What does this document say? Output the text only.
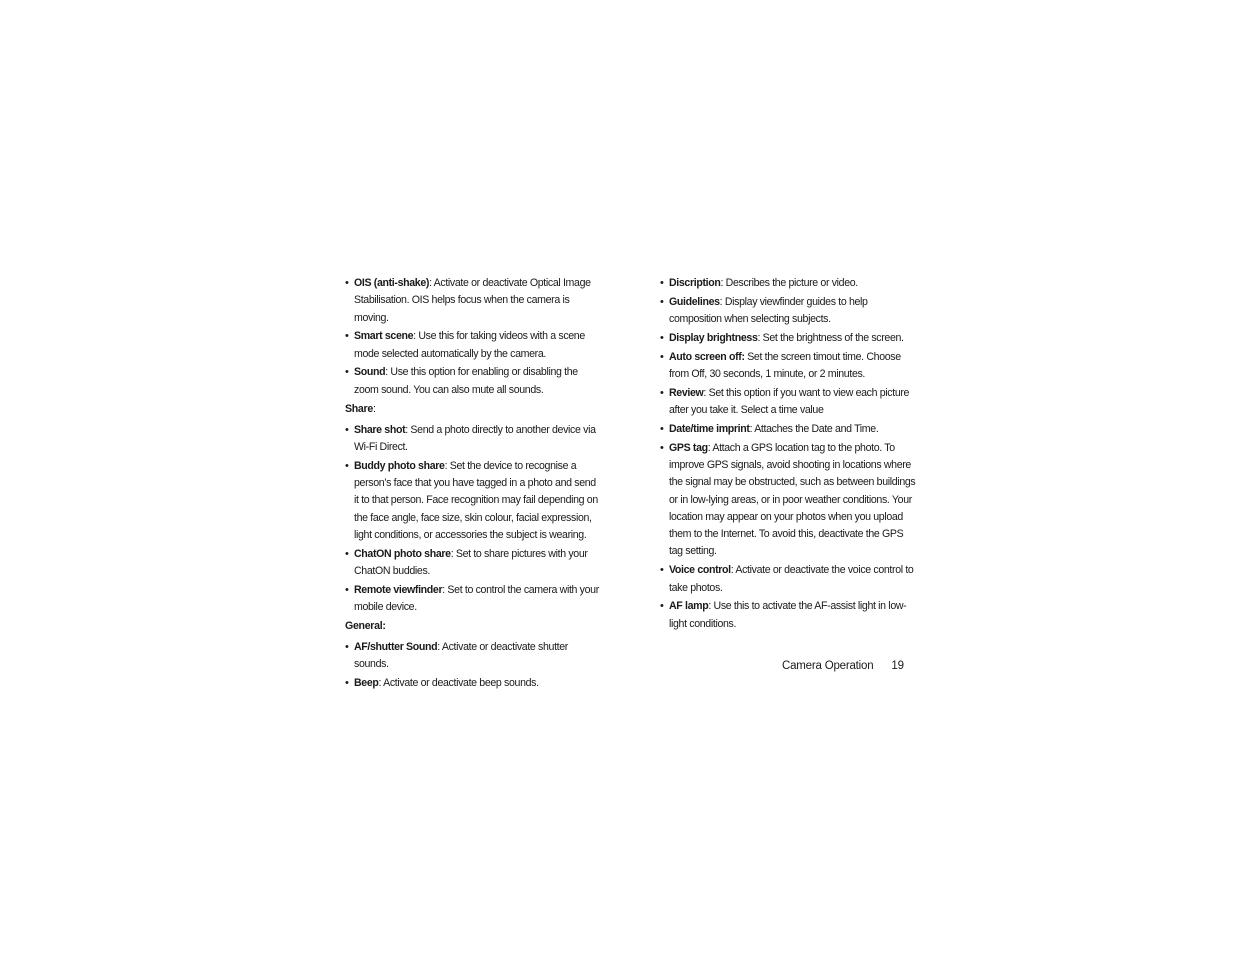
• OIS (anti-shake): Activate or deactivate Optical Image Stabilisation. OIS helps focus when the camera is moving.
• Smart scene: Use this for taking videos with a scene mode selected automatically by the camera.
• Sound: Use this option for enabling or disabling the zoom sound. You can also mute all sounds.
Share:
• Share shot: Send a photo directly to another device via Wi-Fi Direct.
• Buddy photo share: Set the device to recognise a person’s face that you have tagged in a photo and send it to that person. Face recognition may fail depending on the face angle, face size, skin colour, facial expression, light conditions, or accessories the subject is wearing.
• ChatON photo share: Set to share pictures with your ChatON buddies.
• Remote viewfinder: Set to control the camera with your mobile device.
General:
• AF/shutter Sound: Activate or deactivate shutter sounds.
• Beep: Activate or deactivate beep sounds.
• Discription: Describes the picture or video.
• Guidelines: Display viewfinder guides to help composition when selecting subjects.
• Display brightness: Set the brightness of the screen.
• Auto screen off: Set the screen timout time. Choose from Off, 30 seconds, 1 minute, or 2 minutes.
• Review: Set this option if you want to view each picture after you take it. Select a time value
• Date/time imprint: Attaches the Date and Time.
• GPS tag: Attach a GPS location tag to the photo. To improve GPS signals, avoid shooting in locations where the signal may be obstructed, such as between buildings or in low-lying areas, or in poor weather conditions. Your location may appear on your photos when you upload them to the Internet. To avoid this, deactivate the GPS tag setting.
• Voice control: Activate or deactivate the voice control to take photos.
• AF lamp: Use this to activate the AF-assist light in low-light conditions.
Camera Operation 19
